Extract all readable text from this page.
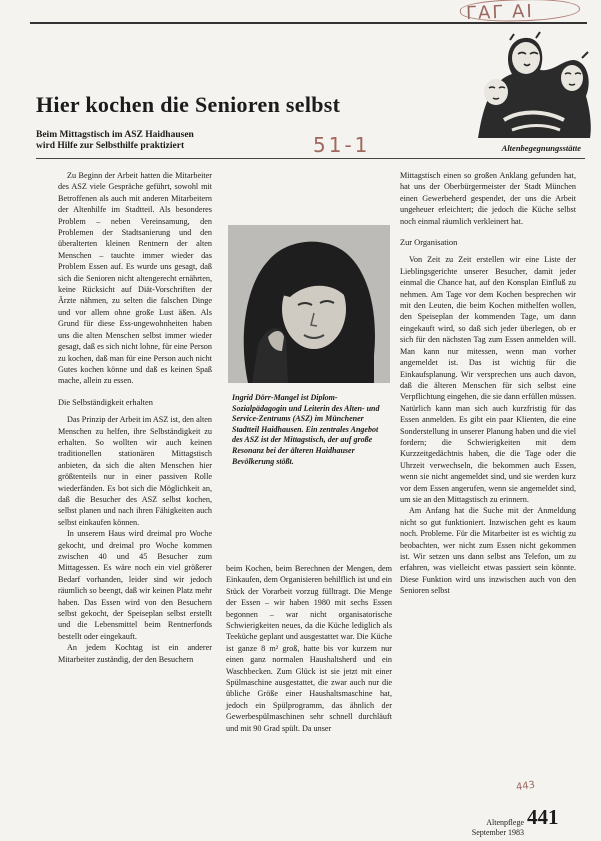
ΓΑΓ ΑΙ
Hier kochen die Senioren selbst
Beim Mittagstisch im ASZ Haidhausen
wird Hilfe zur Selbsthilfe praktiziert	51-1	Altenbegegnungsstätte

Zu Beginn der Arbeit hatten die Mitarbeiter des ASZ viele Gespräche geführt, sowohl mit Betroffenen als auch mit anderen Mitarbeitern der Altenhilfe im Stadtteil. Als besonderes Problem – neben Vereinsamung, den Problemen der Stadtsanierung und den überalterten kleinen Rentnern der alten Menschen – tauchte immer wieder das Problem Essen auf. Es wurde uns gesagt, daß sich die Senioren nicht altengerecht ernährten, keine Rücksicht auf Diät-Vorschriften der Ärzte nähmen, zu selten die falschen Dinge und vor allem ohne große Lust äßen. Als Grund für diese Ess-ungewohnheiten haben uns die alten Menschen selbst immer wieder gesagt, daß es sich nicht lohne, für eine Person zu kochen, daß man für eine Person auch nicht Gutes kochen könne und daß es keinen Spaß mache, allein zu essen.

Die Selbständigkeit erhalten

Das Prinzip der Arbeit im ASZ ist, den alten Menschen zu helfen, ihre Selbständigkeit zu erhalten. So wollten wir auch keinen traditionellen stationären Mittagstisch anbieten, da sich die alten Menschen hier größtenteils nur in einer passiven Rolle wiederfänden. Es bot sich die Möglichkeit an, daß die Besucher des ASZ selbst kochen, selbst planen und nach ihren Fähigkeiten auch selbst einkaufen können.

In unserem Haus wird dreimal pro Woche gekocht, und dreimal pro Woche kommen zwischen 40 und 45 Besucher zum Mittagessen. Es wäre noch ein viel größerer Bedarf vorhanden, leider sind wir jedoch räumlich so beengt, daß wir keinen Platz mehr haben. Das Essen wird von den Besuchern selbst gekocht, der Speiseplan selbst erstellt und die Lebensmittel beim Rentnerfonds bestellt oder eingekauft.

An jedem Kochtag ist ein anderer Mitarbeiter zuständig, der den Besuchern

Ingrid Dörr-Mangel ist Diplom-Sozialpädagogin und Leiterin des Alten- und Service-Zentrums (ASZ) im Münchener Stadtteil Haidhausen. Ein zentrales Angebot des ASZ ist der Mittagstisch, der auf große Resonanz bei der älteren Haidhauser Bevölkerung stößt.

beim Kochen, beim Berechnen der Mengen, dem Einkaufen, dem Organisieren behilflich ist und ein Stück der Vorarbeit vorzug fülltragt. Die Menge der Essen – wir haben 1980 mit sechs Essen begonnen – war nicht organisatorische Schwierigkeiten neues, da die Küche lediglich als Teeküche geplant und ausgestattet war. Die Küche ist ganze 8 m² groß, hatte bis vor kurzem nur einen ganz normalen Haushaltsherd und ein Waschbecken. Zum Glück ist sie jetzt mit einer Spülmaschine ausgestattet, die zwar auch nur die übliche Größe einer Haushaltsmaschine hat, jedoch ein Spülprogramm, das ähnlich der Gewerbespülmaschinen sehr schnell durchläuft und mit 90 Grad spült. Da unser

Mittagstisch einen so großen Anklang gefunden hat, hat uns der Oberbürgermeister der Stadt München einen Gewerbeherd gespendet, der uns die Arbeit ungeheuer erleichtert; die jedoch die Küche selbst noch einmal räumlich verkleinert hat.

Zur Organisation

Von Zeit zu Zeit erstellen wir eine Liste der Lieblingsgerichte unserer Besucher, damit jeder einmal die Chance hat, auf den Konsplan Einfluß zu nehmen. Am Tage vor dem Kochen besprechen wir mit den Leuten, die beim Kochen mithelfen wollen, den Speiseplan der kommenden Tage, um dann eingekauft wird, so daß sich jeder überlegen, ob er sich für den nächsten Tag zum Essen anmelden will. Man kann nur mitessen, wenn man vorher angemeldet ist. Das ist wichtig für die Einkaufsplanung. Wir versprechen uns auch davon, daß die älteren Menschen für sich selbst eine Verpflichtung eingehen, die sie dann erfüllen müssen. Natürlich kann man sich auch kurzfristig für das Essen anmelden. Es gibt ein paar Klienten, die eine Sonderstellung in unserer Planung haben und die viel fordern; die Schwierigkeiten mit dem Kurzzeitgedächtnis haben, die die Tage oder die Uhrzeit verwechseln, die bekommen auch Essen, wenn sie nicht angemeldet sind, und sie werden kurz vor dem Essen angerufen, wenn sie angemeldet sind, um sie an den Mittagstisch zu erinnern.

Am Anfang hat die Suche mit der Anmeldung nicht so gut funktioniert. Inzwischen geht es kaum noch. Probleme. Für die Mitarbeiter ist es wichtig zu beobachten, wer nicht zum Essen nicht gekommen ist. Wir setzen uns dann selbst ans Telefon, um zu erfahren, was vielleicht etwas passiert sein könnte. Diese Funktion wird uns inzwischen auch von den Senioren selbst

443
Altenpflege
September 1983
441
